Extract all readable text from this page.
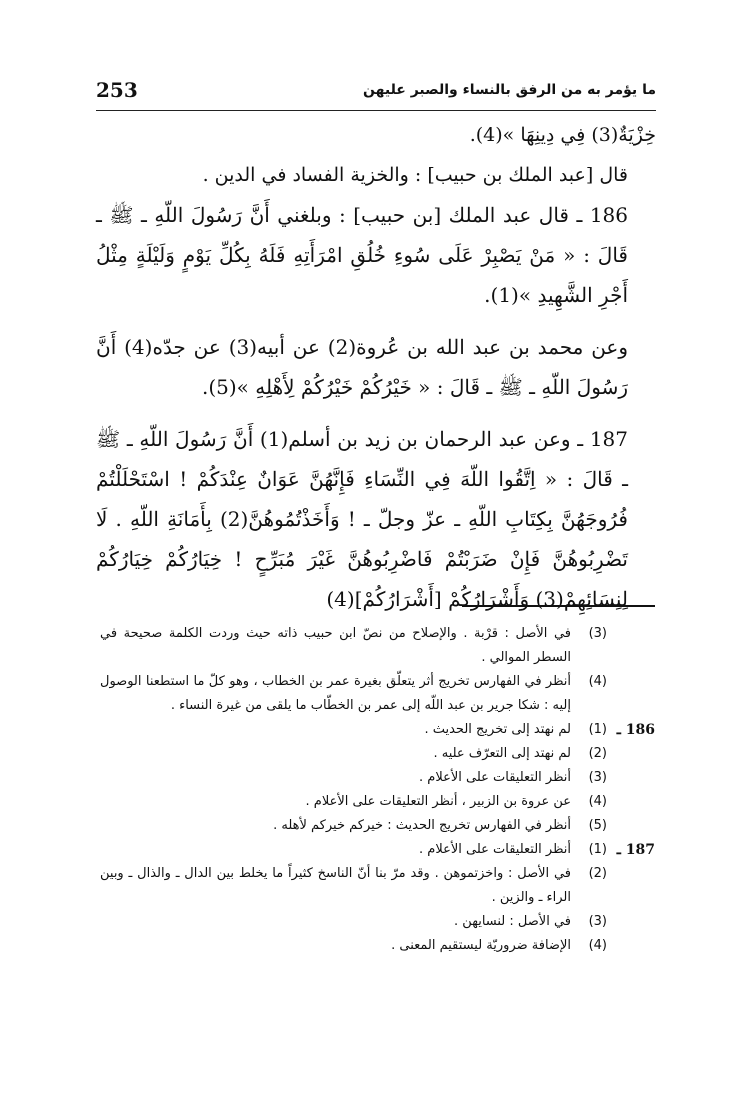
253	ما يؤمر به من الرفق بالنساء والصبر عليهن

خِزْيَةٌ(3) فِي دِينِهَا »(4).

قال [عبد الملك بن حبيب] : والخزية الفساد في الدين .

186 ـ قال عبد الملك [بن حبيب] : وبلغني أَنَّ رَسُولَ اللّهِ ـ ﷺ ـ قَالَ : « مَنْ يَصْبِرْ عَلَى سُوءِ خُلُقِ امْرَأَتِهِ فَلَهُ بِكُلِّ يَوْمٍ وَلَيْلَةٍ مِثْلُ أَجْرِ الشَّهِيدِ »(1).

وعن محمد بن عبد الله بن عُروة(2) عن أبيه(3) عن جدّه(4) أَنَّ رَسُولَ اللّهِ ـ ﷺ ـ قَالَ : « خَيْرُكُمْ خَيْرُكُمْ لِأَهْلِهِ »(5).

187 ـ وعن عبد الرحمان بن زيد بن أسلم(1) أَنَّ رَسُولَ اللّهِ ـ ﷺ ـ قَالَ : « اِتَّقُوا اللّهَ فِي النِّسَاءِ فَإِنَّهُنَّ عَوَانٌ عِنْدَكُمْ ! اسْتَحْلَلْتُمْ فُرُوجَهُنَّ بِكِتَابِ اللّهِ ـ عزّ وجلّ ـ ! وَأَخَذْتُمُوهُنَّ(2) بِأَمَانَةِ اللّهِ . لَا تَضْرِبُوهُنَّ فَإِنْ ضَرَبْتُمْ فَاضْرِبُوهُنَّ غَيْرَ مُبَرِّحٍ ! خِيَارُكُمْ خِيَارُكُمْ لِنِسَائِهِمْ(3) وَأَشْرَارُكُمْ [أَشْرَارُكُمْ](4)

(3)
في الأصل : قرْبة . والإصلاح من نصّ ابن حبيب ذاته حيث وردت الكلمة صحيحة في السطر الموالي .
(4)
أنظر في الفهارس تخريج أثر يتعلّق بغيرة عمر بن الخطاب ، وهو كلّ ما استطعنا الوصول إليه : شكا جرير بن عبد اللّه إلى عمر بن الخطّاب ما يلقى من غيرة النساء .
186 ـ
(1)
لم نهتد إلى تخريج الحديث .
(2)
لم نهتد إلى التعرّف عليه .
(3)
أنظر التعليقات على الأعلام .
(4)
عن عروة بن الزبير ، أنظر التعليقات على الأعلام .
(5)
أنظر في الفهارس تخريج الحديث : خيركم خيركم لأهله .
187 ـ
(1)
أنظر التعليقات على الأعلام .
(2)
في الأصل : واخزتموهن . وقد مرّ بنا أنّ الناسخ كثيراً ما يخلط بين الدال ـ والذال ـ وبين الراء ـ والزين .
(3)
في الأصل : لنسايهن .
(4)
الإضافة ضروريّة ليستقيم المعنى .
